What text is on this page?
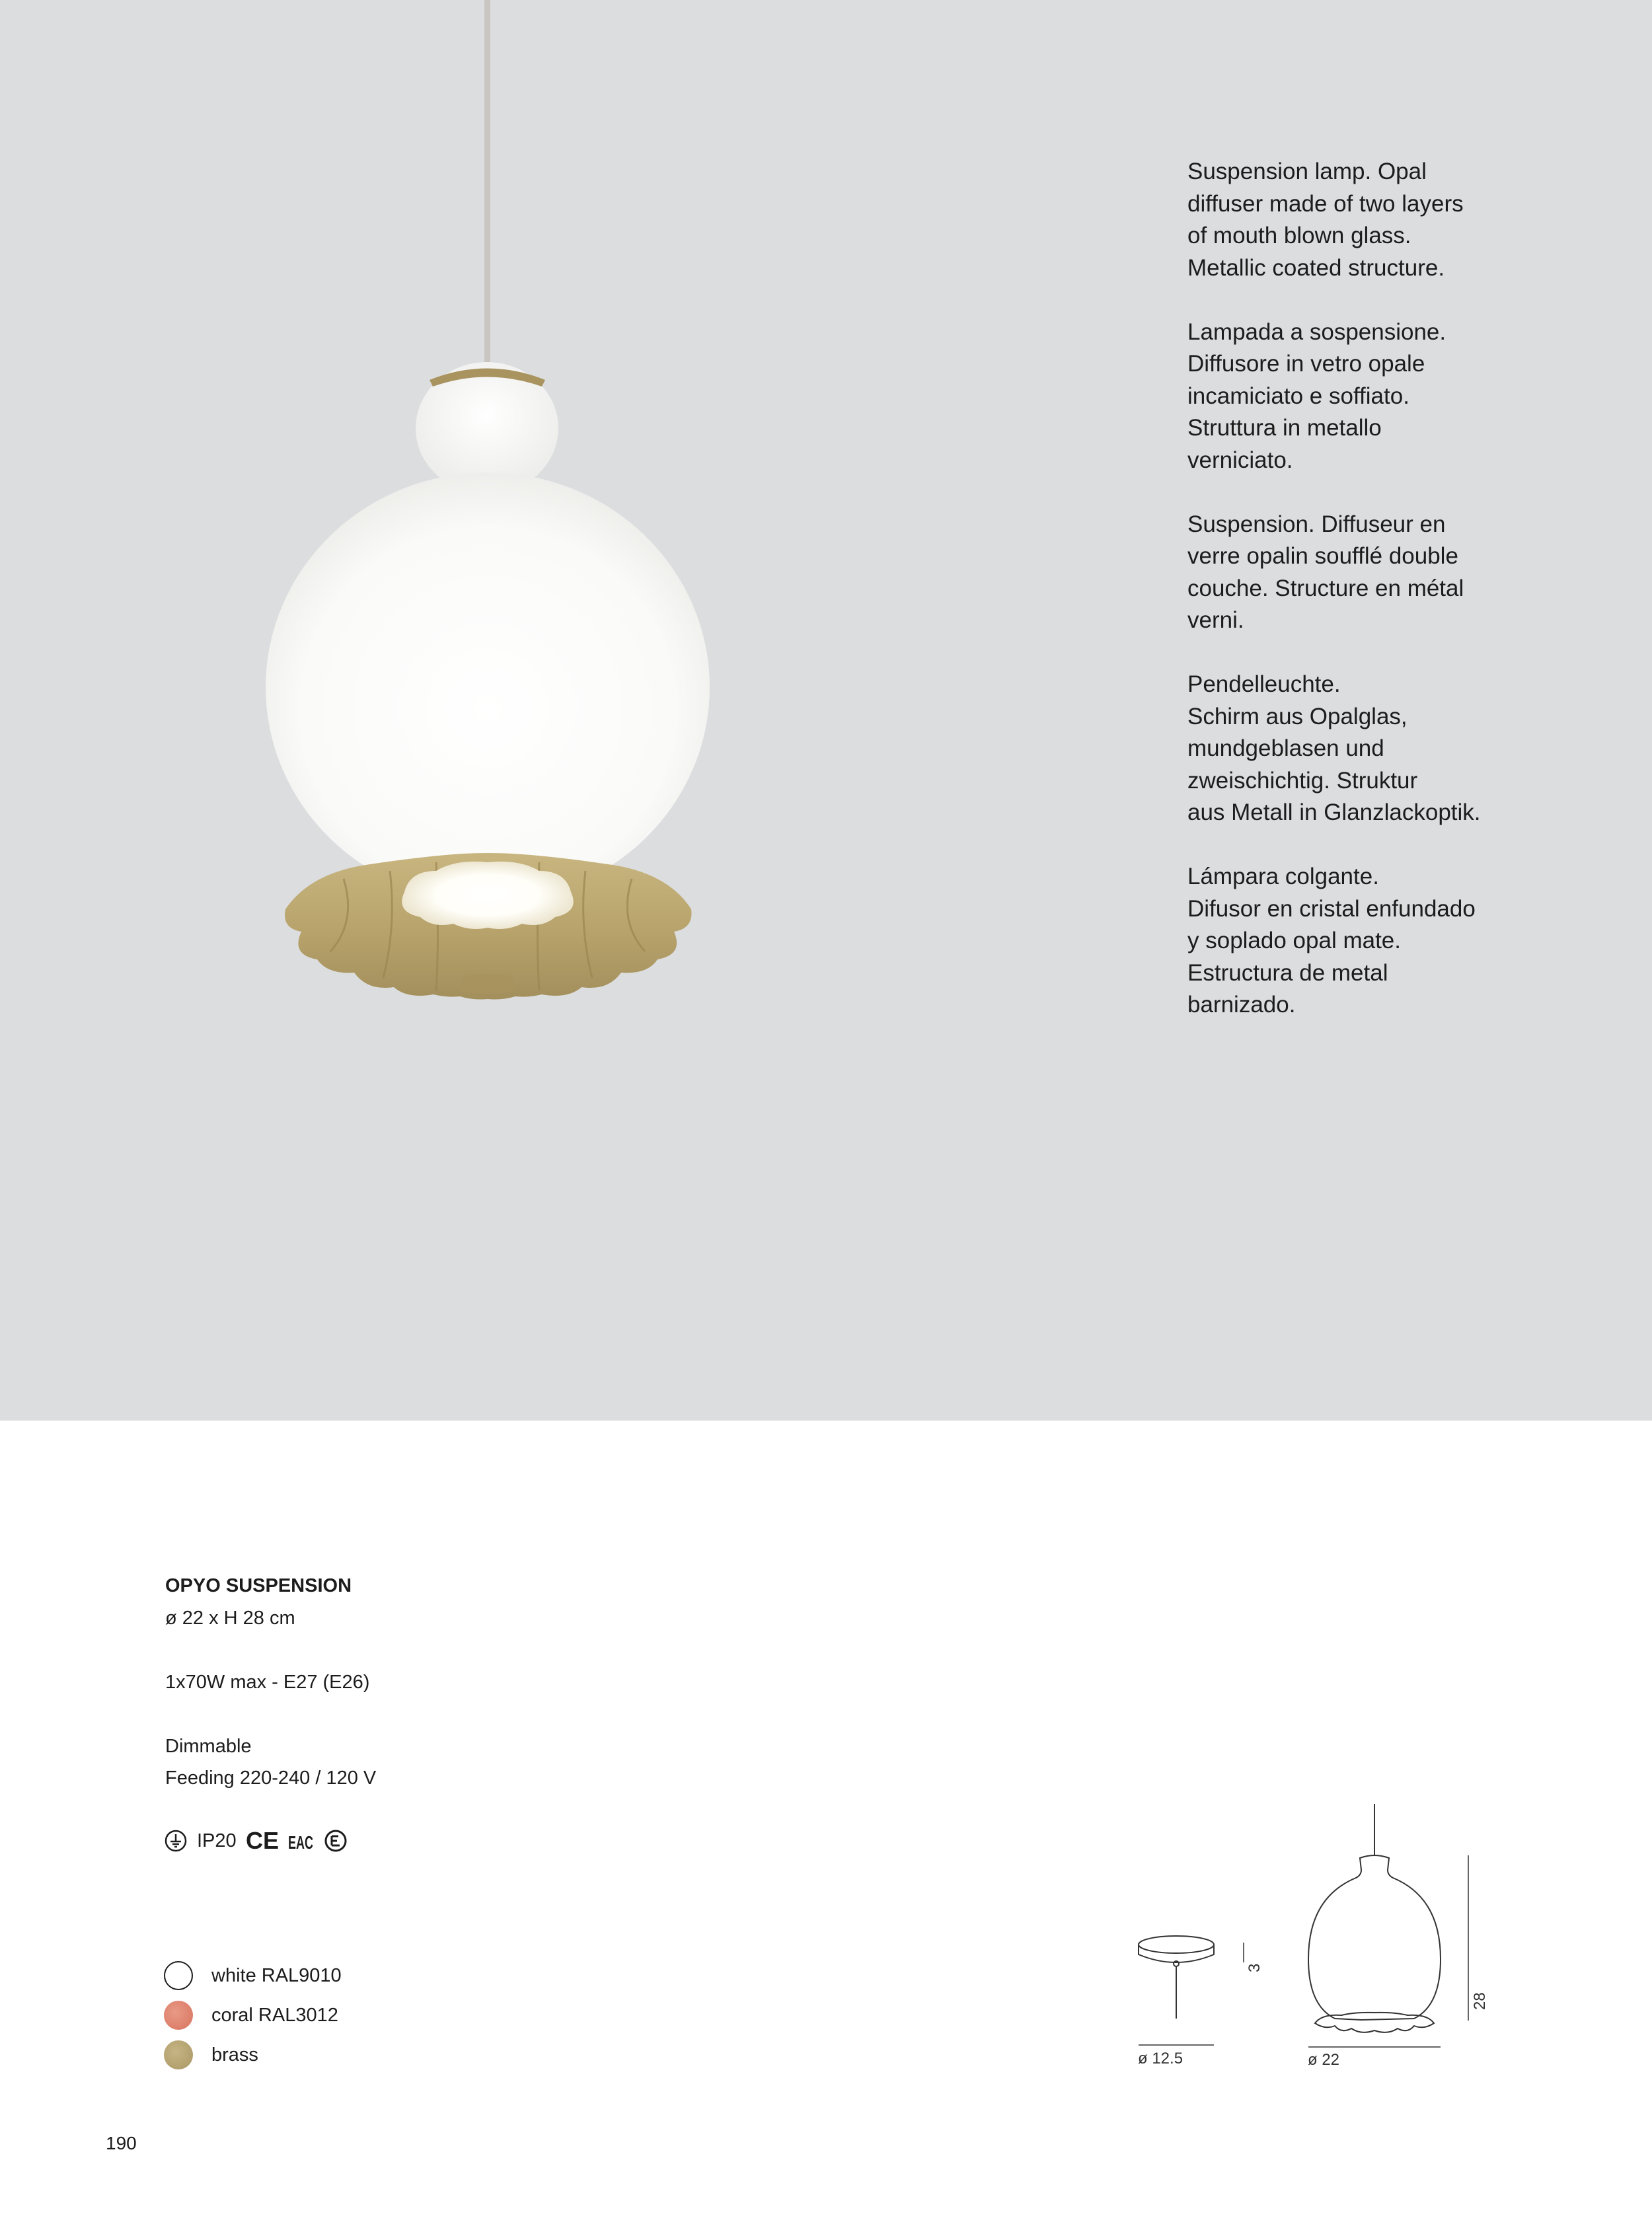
Suspension lamp. Opal
diffuser made of two layers
of mouth blown glass.
Metallic coated structure.

Lampada a sospensione.
Diffusore in vetro opale
incamiciato e soffiato.
Struttura in metallo
verniciato.

Suspension. Diffuseur en
verre opalin soufflé double
couche. Structure en métal
verni.

Pendelleuchte.
Schirm aus Opalglas,
mundgeblasen und
zweischichtig. Struktur
aus Metall in Glanzlackoptik.

Lámpara colgante.
Difusor en cristal enfundado
y soplado opal mate.
Estructura de metal
barnizado.

OPYO SUSPENSION
ø 22 x H 28 cm
1x70W max - E27 (E26)
Dimmable
Feeding 220-240 / 120 V
IP20 CE EAC
white RAL9010
coral RAL3012
brass	ø 12.5
3
ø 22
28
190
